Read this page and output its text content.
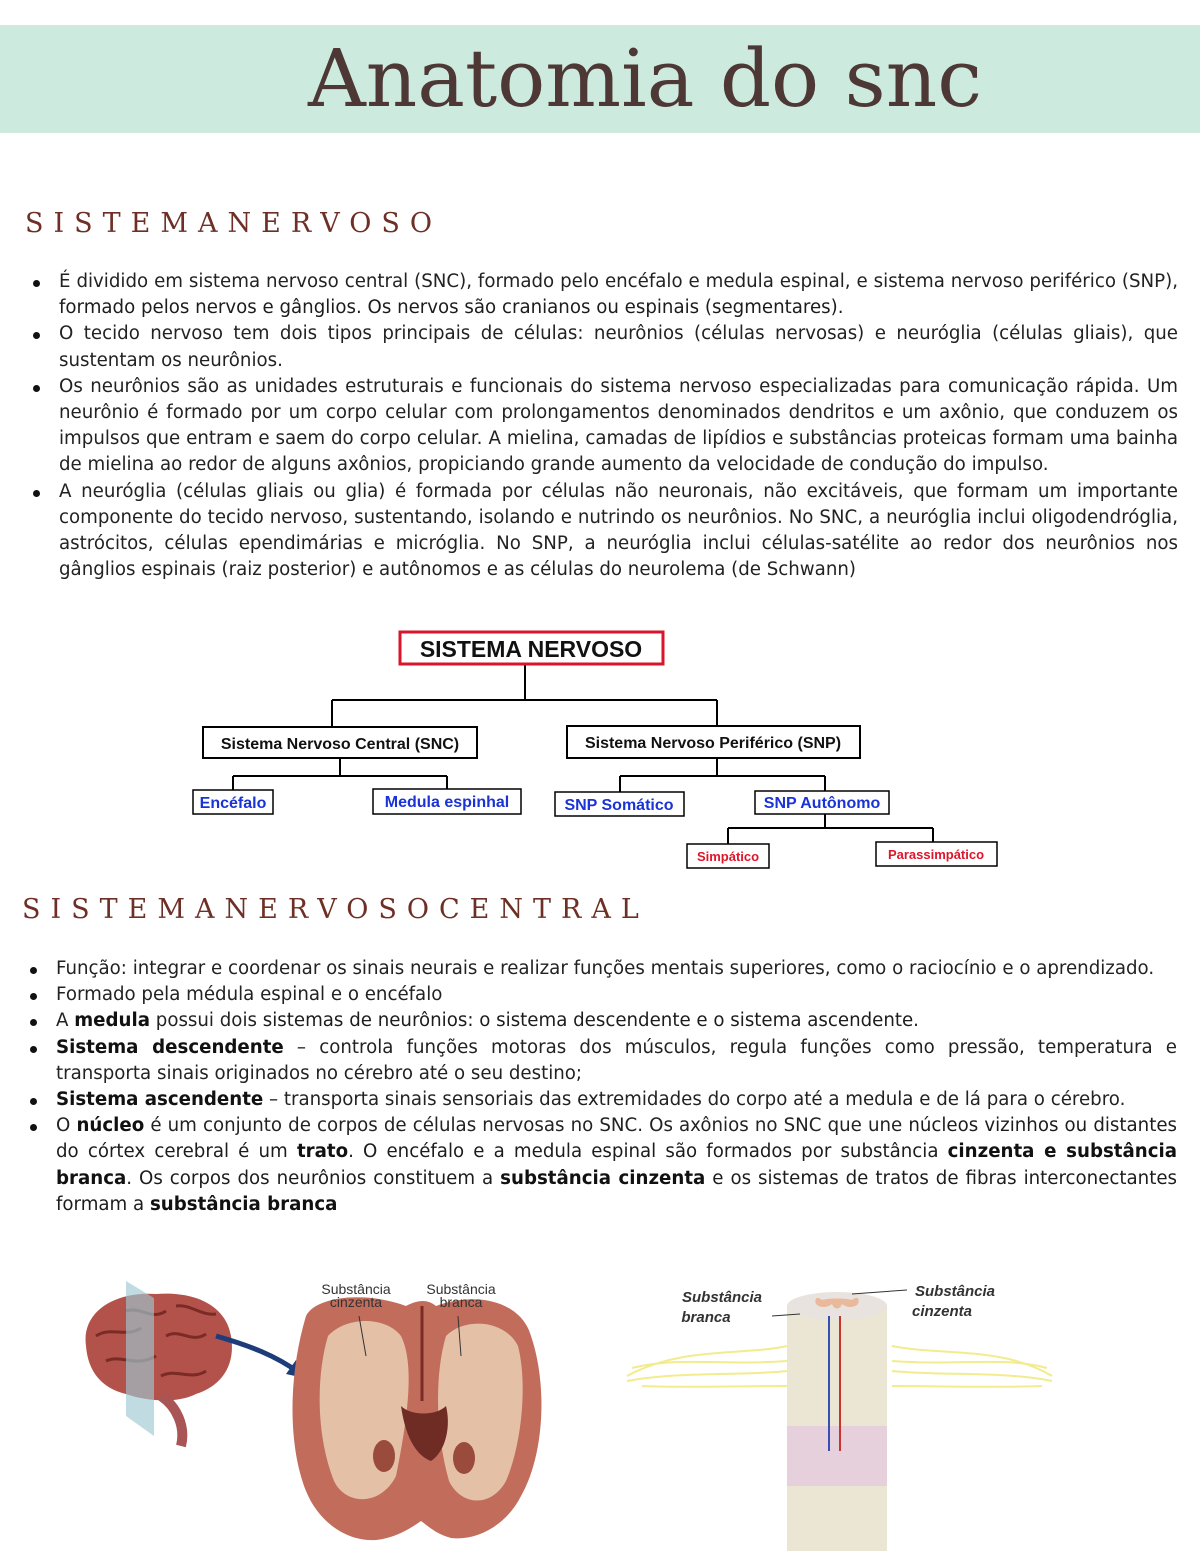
Anatomia do snc
SISTEMANERVOSO
É dividido em sistema nervoso central (SNC), formado pelo encéfalo e medula espinal, e sistema nervoso periférico (SNP), formado pelos nervos e gânglios. Os nervos são cranianos ou espinais (segmentares).
O tecido nervoso tem dois tipos principais de células: neurônios (células nervosas) e neuróglia (células gliais), que sustentam os neurônios.
Os neurônios são as unidades estruturais e funcionais do sistema nervoso especializadas para comunicação rápida. Um neurônio é formado por um corpo celular com prolongamentos denominados dendritos e um axônio, que conduzem os impulsos que entram e saem do corpo celular. A mielina, camadas de lipídios e substâncias proteicas formam uma bainha de mielina ao redor de alguns axônios, propiciando grande aumento da velocidade de condução do impulso.
A neuróglia (células gliais ou glia) é formada por células não neuronais, não excitáveis, que formam um importante componente do tecido nervoso, sustentando, isolando e nutrindo os neurônios. No SNC, a neuróglia inclui oligodendróglia, astrócitos, células ependimárias e micróglia. No SNP, a neuróglia inclui células-satélite ao redor dos neurônios nos gânglios espinais (raiz posterior) e autônomos e as células do neurolema (de Schwann)
SISTEMA NERVOSO
Sistema Nervoso Central (SNC)	Sistema Nervoso Periférico (SNP)
Encéfalo	Medula espinhal	SNP Somático	SNP Autônomo
Simpático	Parassimpático
SISTEMANERVOSOCENTRAL
Função: integrar e coordenar os sinais neurais e realizar funções mentais superiores, como o raciocínio e o aprendizado.
Formado pela médula espinal e o encéfalo
A medula possui dois sistemas de neurônios: o sistema descendente e o sistema ascendente.
Sistema descendente – controla funções motoras dos músculos, regula funções como pressão, temperatura e transporta sinais originados no cérebro até o seu destino;
Sistema ascendente – transporta sinais sensoriais das extremidades do corpo até a medula e de lá para o cérebro.
O núcleo é um conjunto de corpos de células nervosas no SNC. Os axônios no SNC que une núcleos vizinhos ou distantes do córtex cerebral é um trato. O encéfalo e a medula espinal são formados por substância cinzenta e substância branca. Os corpos dos neurônios constituem a substância cinzenta e os sistemas de tratos de fibras interconectantes formam a substância branca
Substância
cinzenta
Substância
branca	Substância
branca
Substância
cinzenta
